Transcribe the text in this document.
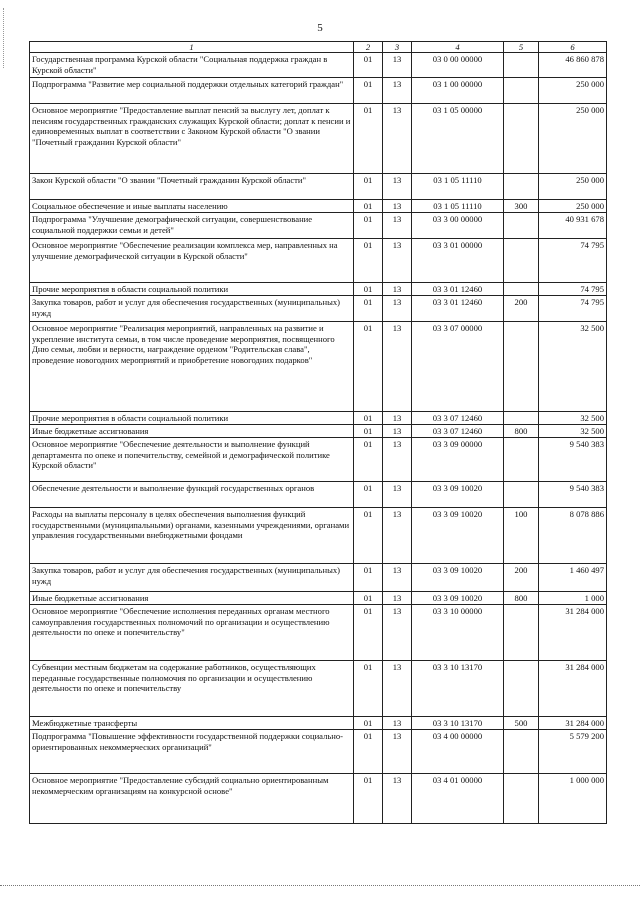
5
1	2	3	4	5	6
Государственная программа Курской области "Социальная поддержка граждан в Курской области"	01	13	03 0 00 00000		46 860 878
Подпрограмма "Развитие мер социальной поддержки отдельных категорий граждан"	01	13	03 1 00 00000		250 000
Основное мероприятие "Предоставление выплат пенсий за выслугу лет, доплат к пенсиям государственных гражданских служащих Курской области; доплат к пенсии и единовременных выплат в соответствии с Законом Курской области "О звании "Почетный гражданин Курской области"	01	13	03 1 05 00000		250 000
Закон Курской области "О звании "Почетный гражданин Курской области"	01	13	03 1 05 11110		250 000
Социальное обеспечение и иные выплаты населению	01	13	03 1 05 11110	300	250 000
Подпрограмма "Улучшение демографической ситуации, совершенствование социальной поддержки семьи и детей"	01	13	03 3 00 00000		40 931 678
Основное мероприятие "Обеспечение реализации комплекса мер, направленных на улучшение демографической ситуации в Курской области"	01	13	03 3 01 00000		74 795
Прочие мероприятия в области социальной политики	01	13	03 3 01 12460		74 795
Закупка товаров, работ и услуг для обеспечения государственных (муниципальных) нужд	01	13	03 3 01 12460	200	74 795
Основное мероприятие "Реализация мероприятий, направленных на развитие и укрепление института семьи, в том числе проведение мероприятия, посвященного Дню семьи, любви и верности, награждение орденом "Родительская слава", проведение новогодних мероприятий и приобретение новогодних подарков"	01	13	03 3 07 00000		32 500
Прочие мероприятия в области социальной политики	01	13	03 3 07 12460		32 500
Иные бюджетные ассигнования	01	13	03 3 07 12460	800	32 500
Основное мероприятие "Обеспечение деятельности и выполнение функций департамента по опеке и попечительству, семейной и демографической политике Курской области"	01	13	03 3 09 00000		9 540 383
Обеспечение деятельности и выполнение функций государственных органов	01	13	03 3 09 10020		9 540 383
Расходы на выплаты персоналу в целях обеспечения выполнения функций государственными (муниципальными) органами, казенными учреждениями, органами управления государственными внебюджетными фондами	01	13	03 3 09 10020	100	8 078 886
Закупка товаров, работ и услуг для обеспечения государственных (муниципальных) нужд	01	13	03 3 09 10020	200	1 460 497
Иные бюджетные ассигнования	01	13	03 3 09 10020	800	1 000
Основное мероприятие "Обеспечение исполнения переданных органам местного самоуправления государственных полномочий по организации и осуществлению деятельности по опеке и попечительству"	01	13	03 3 10 00000		31 284 000
Субвенции местным бюджетам на содержание работников, осуществляющих переданные государственные полномочия по организации и осуществлению деятельности по опеке и попечительству	01	13	03 3 10 13170		31 284 000
Межбюджетные трансферты	01	13	03 3 10 13170	500	31 284 000
Подпрограмма "Повышение эффективности государственной поддержки социально-ориентированных некоммерческих организаций"	01	13	03 4 00 00000		5 579 200
Основное мероприятие "Предоставление субсидий социально ориентированным некоммерческим организациям на конкурсной основе"	01	13	03 4 01 00000		1 000 000
